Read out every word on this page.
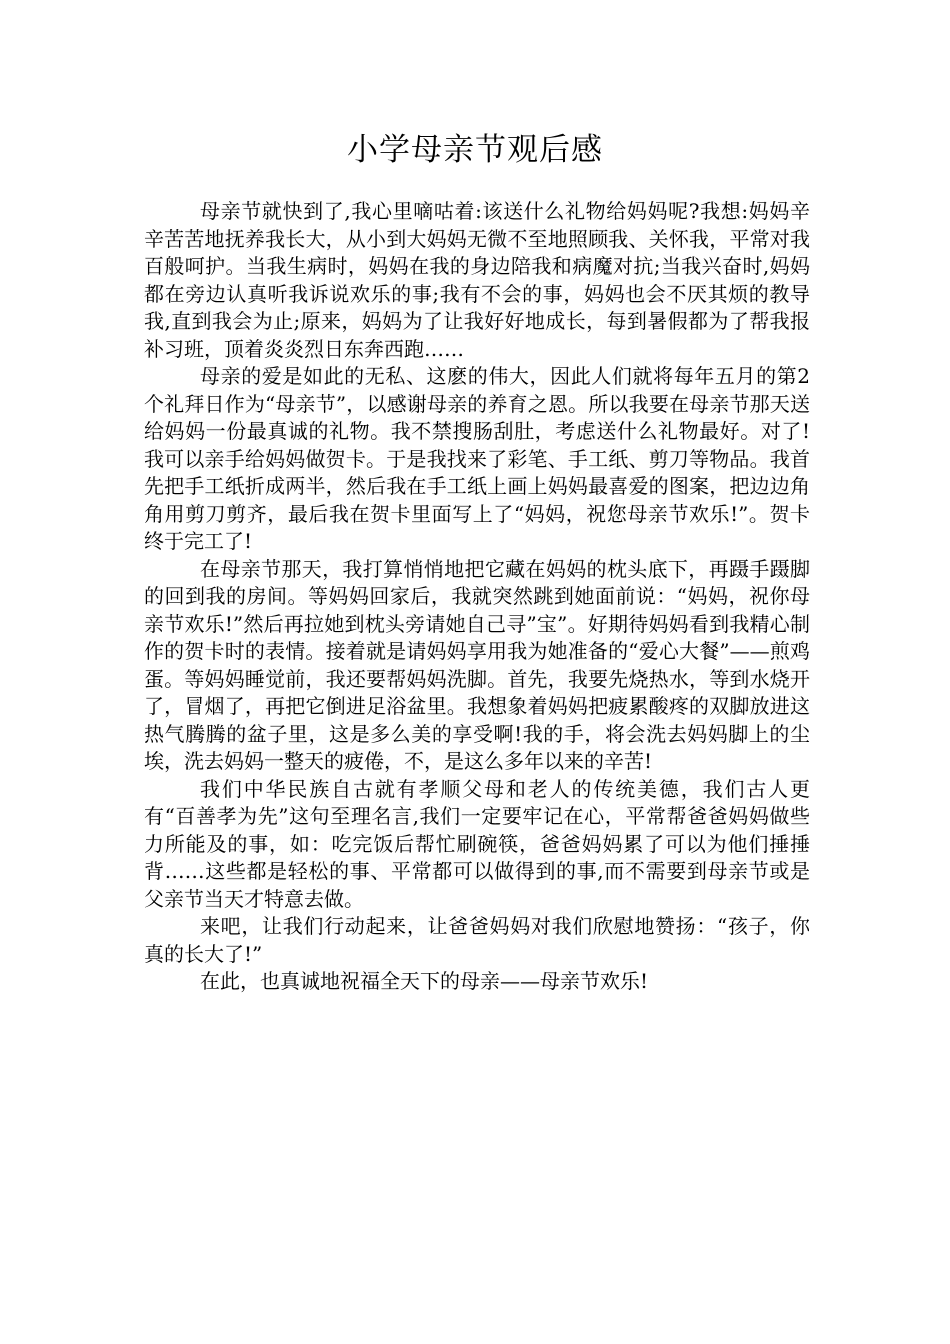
小学母亲节观后感

母亲节就快到了,我心里嘀咕着:该送什么礼物给妈妈呢?我想:妈妈辛辛苦苦地抚养我长大，从小到大妈妈无微不至地照顾我、关怀我，平常对我百般呵护。当我生病时，妈妈在我的身边陪我和病魔对抗;当我兴奋时,妈妈都在旁边认真听我诉说欢乐的事;我有不会的事，妈妈也会不厌其烦的教导我,直到我会为止;原来，妈妈为了让我好好地成长，每到暑假都为了帮我报补习班，顶着炎炎烈日东奔西跑……

母亲的爱是如此的无私、这麽的伟大，因此人们就将每年五月的第2个礼拜日作为“母亲节”，以感谢母亲的养育之恩。所以我要在母亲节那天送给妈妈一份最真诚的礼物。我不禁搜肠刮肚，考虑送什么礼物最好。对了!我可以亲手给妈妈做贺卡。于是我找来了彩笔、手工纸、剪刀等物品。我首先把手工纸折成两半，然后我在手工纸上画上妈妈最喜爱的图案，把边边角角用剪刀剪齐，最后我在贺卡里面写上了“妈妈，祝您母亲节欢乐!”。贺卡终于完工了!

在母亲节那天，我打算悄悄地把它藏在妈妈的枕头底下，再蹑手蹑脚的回到我的房间。等妈妈回家后，我就突然跳到她面前说：“妈妈，祝你母亲节欢乐!”然后再拉她到枕头旁请她自己寻”宝”。好期待妈妈看到我精心制作的贺卡时的表情。接着就是请妈妈享用我为她准备的“爱心大餐”——煎鸡蛋。等妈妈睡觉前，我还要帮妈妈洗脚。首先，我要先烧热水，等到水烧开了，冒烟了，再把它倒进足浴盆里。我想象着妈妈把疲累酸疼的双脚放进这热气腾腾的盆子里，这是多么美的享受啊!我的手，将会洗去妈妈脚上的尘埃，洗去妈妈一整天的疲倦，不，是这么多年以来的辛苦!

我们中华民族自古就有孝顺父母和老人的传统美德，我们古人更有“百善孝为先”这句至理名言,我们一定要牢记在心，平常帮爸爸妈妈做些力所能及的事，如：吃完饭后帮忙刷碗筷，爸爸妈妈累了可以为他们捶捶背……这些都是轻松的事、平常都可以做得到的事,而不需要到母亲节或是父亲节当天才特意去做。

来吧，让我们行动起来，让爸爸妈妈对我们欣慰地赞扬：“孩子，你真的长大了!”

在此，也真诚地祝福全天下的母亲——母亲节欢乐!
